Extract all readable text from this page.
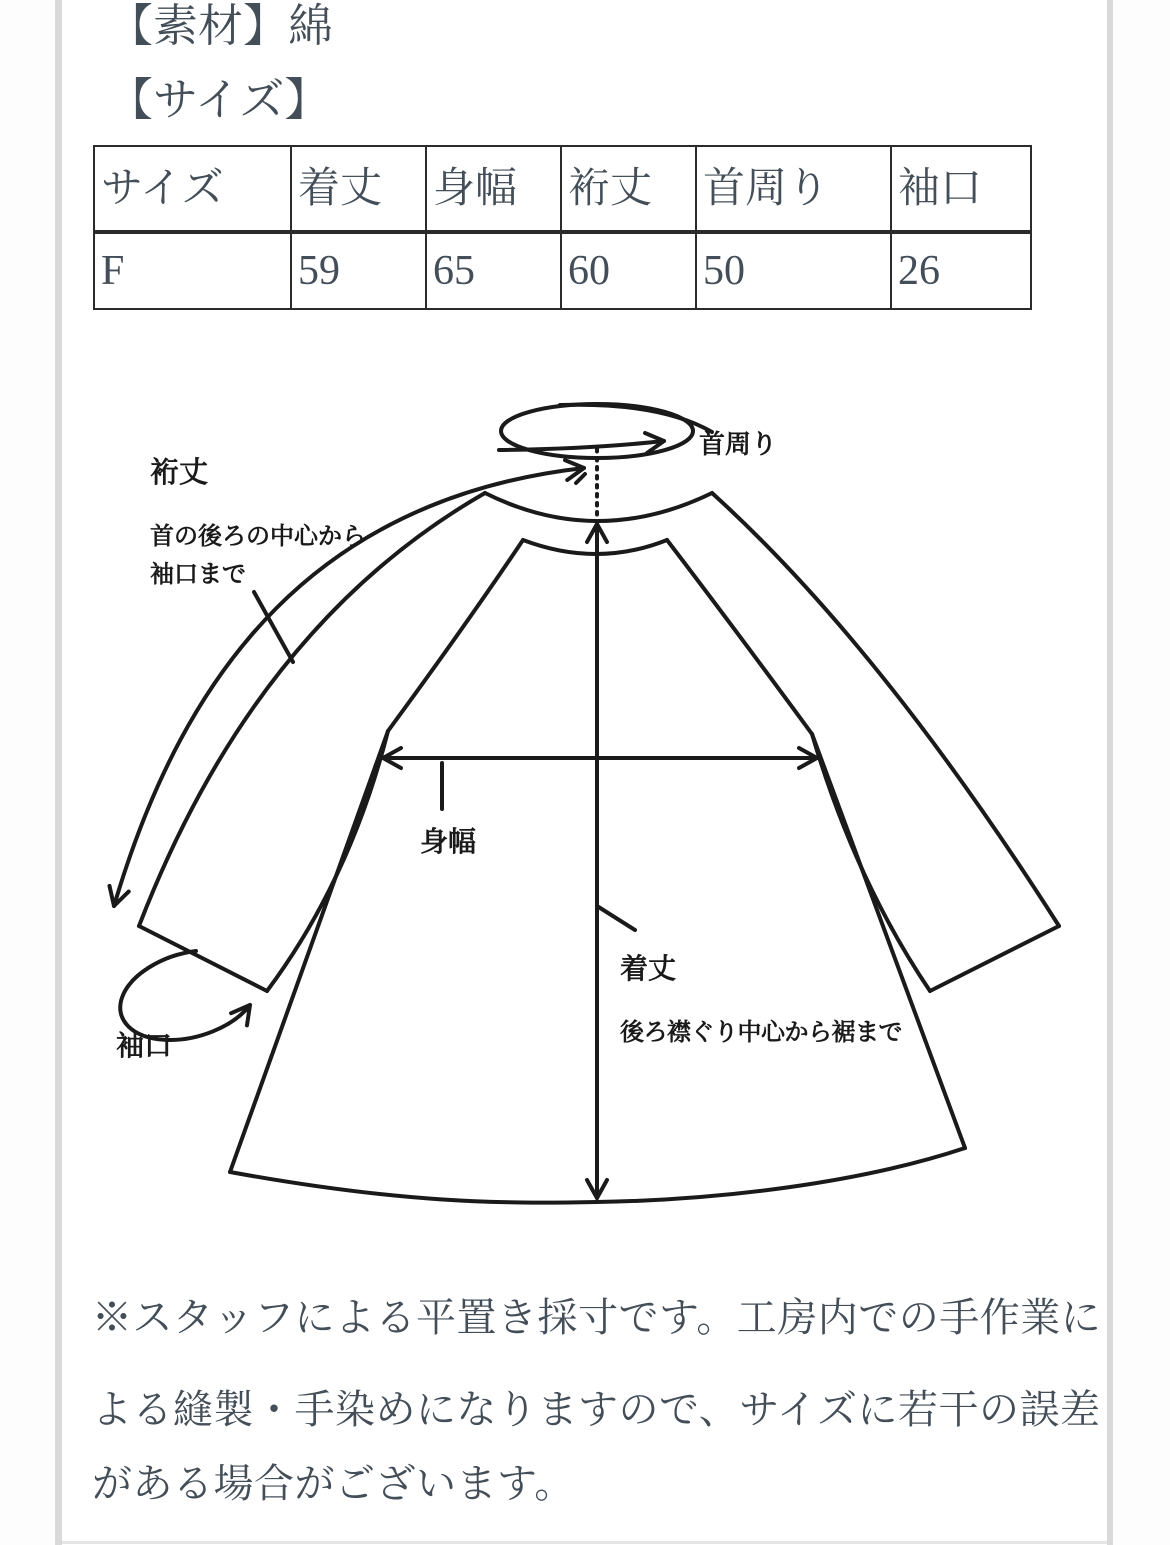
【素材】綿
【サイズ】
サイズ	着丈	身幅	裄丈	首周り	袖口
F	59	65	60	50	26
裄丈
首の後ろの中心から
袖口まで
首周り
身幅
着丈
後ろ襟ぐり中心から裾まで
袖口
※スタッフによる平置き採寸です。工房内での手作業に
よる縫製・手染めになりますので、サイズに若干の誤差
がある場合がございます。
